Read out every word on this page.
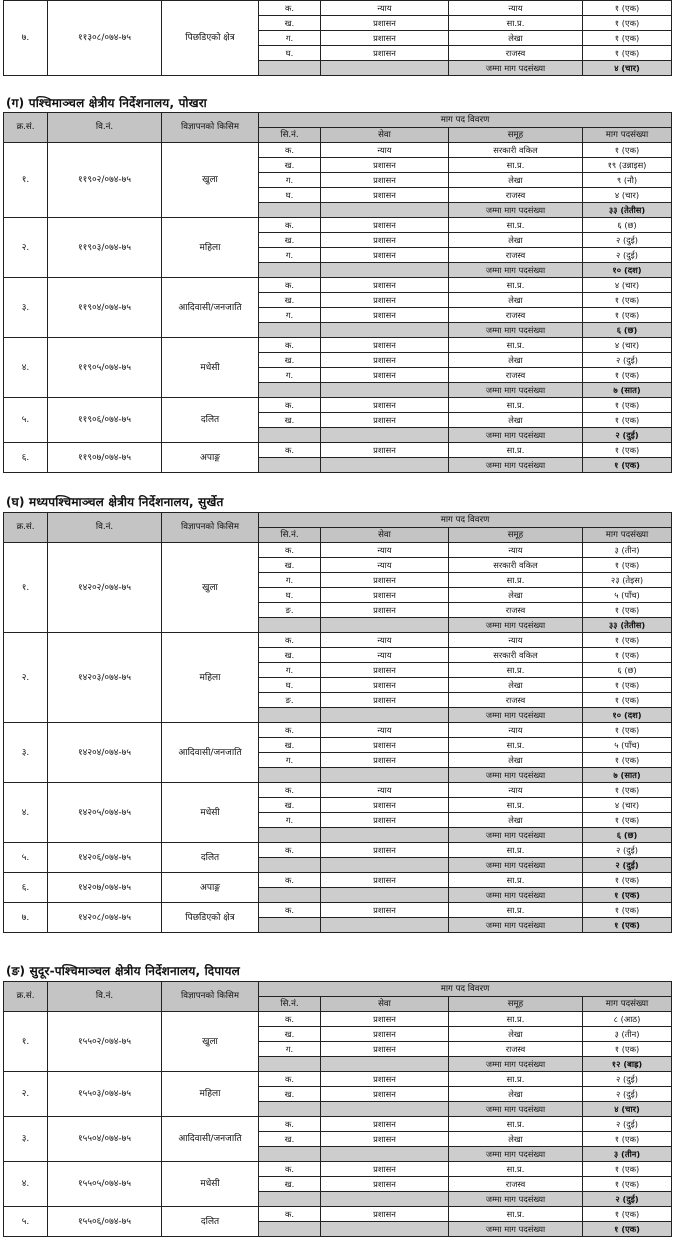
७.	११३०८/०७४-७५	पिछडिएको क्षेत्र	क.	न्याय	न्याय	१ (एक)
			ख.	प्रशासन	सा.प्र.	१ (एक)
			ग.	प्रशासन	लेखा	१ (एक)
			घ.	प्रशासन	राजस्व	१ (एक)
					जम्मा माग पदसंख्या	४ (चार)
(ग) पश्चिमाञ्चल क्षेत्रीय निर्देशनालय, पोखरा
क्र.सं.	वि.नं.	विज्ञापनको किसिम	माग पद विवरण			
			सि.नं.	सेवा	समूह	माग पदसंख्या
१.	११९०२/०७४-७५	खुला	क.	न्याय	सरकारी वकिल	१ (एक)
			ख.	प्रशासन	सा.प्र.	१९ (उन्नाइस)
			ग.	प्रशासन	लेखा	९ (नौ)
			घ.	प्रशासन	राजस्व	४ (चार)
					जम्मा माग पदसंख्या	३३ (तेतीस)
२.	११९०३/०७४-७५	महिला	क.	प्रशासन	सा.प्र.	६ (छ)
			ख.	प्रशासन	लेखा	२ (दुई)
			ग.	प्रशासन	राजस्व	२ (दुई)
					जम्मा माग पदसंख्या	१० (दश)
३.	११९०४/०७४-७५	आदिवासी/जनजाति	क.	प्रशासन	सा.प्र.	४ (चार)
			ख.	प्रशासन	लेखा	१ (एक)
			ग.	प्रशासन	राजस्व	१ (एक)
					जम्मा माग पदसंख्या	६ (छ)
४.	११९०५/०७४-७५	मधेसी	क.	प्रशासन	सा.प्र.	४ (चार)
			ख.	प्रशासन	लेखा	२ (दुई)
			ग.	प्रशासन	राजस्व	१ (एक)
					जम्मा माग पदसंख्या	७ (सात)
५.	११९०६/०७४-७५	दलित	क.	प्रशासन	सा.प्र.	१ (एक)
			ख.	प्रशासन	लेखा	१ (एक)
					जम्मा माग पदसंख्या	२ (दुई)
६.	११९०७/०७४-७५	अपाङ्ग	क.	प्रशासन	सा.प्र.	१ (एक)
					जम्मा माग पदसंख्या	१ (एक)
(घ) मध्यपश्चिमाञ्चल क्षेत्रीय निर्देशनालय, सुर्खेत
क्र.सं.	वि.नं.	विज्ञापनको किसिम	माग पद विवरण			
			सि.नं.	सेवा	समूह	माग पदसंख्या
१.	१४२०२/०७४-७५	खुला	क.	न्याय	न्याय	३ (तीन)
			ख.	न्याय	सरकारी वकिल	१ (एक)
			ग.	प्रशासन	सा.प्र.	२३ (तेइस)
			घ.	प्रशासन	लेखा	५ (पाँच)
			ङ.	प्रशासन	राजस्व	१ (एक)
					जम्मा माग पदसंख्या	३३ (तेतीस)
२.	१४२०३/०७४-७५	महिला	क.	न्याय	न्याय	१ (एक)
			ख.	न्याय	सरकारी वकिल	१ (एक)
			ग.	प्रशासन	सा.प्र.	६ (छ)
			घ.	प्रशासन	लेखा	१ (एक)
			ङ.	प्रशासन	राजस्व	१ (एक)
					जम्मा माग पदसंख्या	१० (दश)
३.	१४२०४/०७४-७५	आदिवासी/जनजाति	क.	न्याय	न्याय	१ (एक)
			ख.	प्रशासन	सा.प्र.	५ (पाँच)
			ग.	प्रशासन	लेखा	१ (एक)
					जम्मा माग पदसंख्या	७ (सात)
४.	१४२०५/०७४-७५	मधेसी	क.	न्याय	न्याय	१ (एक)
			ख.	प्रशासन	सा.प्र.	४ (चार)
			ग.	प्रशासन	लेखा	१ (एक)
					जम्मा माग पदसंख्या	६ (छ)
५.	१४२०६/०७४-७५	दलित	क.	प्रशासन	सा.प्र.	२ (दुई)
					जम्मा माग पदसंख्या	२ (दुई)
६.	१४२०७/०७४-७५	अपाङ्ग	क.	प्रशासन	सा.प्र.	१ (एक)
					जम्मा माग पदसंख्या	१ (एक)
७.	१४२०८/०७४-७५	पिछडिएको क्षेत्र	क.	प्रशासन	सा.प्र.	१ (एक)
					जम्मा माग पदसंख्या	१ (एक)
(ङ) सुदूर-पश्चिमाञ्चल क्षेत्रीय निर्देशनालय, दिपायल
क्र.सं.	वि.नं.	विज्ञापनको किसिम	माग पद विवरण			
			सि.नं.	सेवा	समूह	माग पदसंख्या
१.	१५५०२/०७४-७५	खुला	क.	प्रशासन	सा.प्र.	८ (आठ)
			ख.	प्रशासन	लेखा	३ (तीन)
			ग.	प्रशासन	राजस्व	१ (एक)
					जम्मा माग पदसंख्या	१२ (बाह्र)
२.	१५५०३/०७४-७५	महिला	क.	प्रशासन	सा.प्र.	२ (दुई)
			ख.	प्रशासन	लेखा	२ (दुई)
					जम्मा माग पदसंख्या	४ (चार)
३.	१५५०४/०७४-७५	आदिवासी/जनजाति	क.	प्रशासन	सा.प्र.	२ (दुई)
			ख.	प्रशासन	लेखा	१ (एक)
					जम्मा माग पदसंख्या	३ (तीन)
४.	१५५०५/०७४-७५	मधेसी	क.	प्रशासन	सा.प्र.	१ (एक)
			ख.	प्रशासन	राजस्व	१ (एक)
					जम्मा माग पदसंख्या	२ (दुई)
५.	१५५०६/०७४-७५	दलित	क.	प्रशासन	सा.प्र.	१ (एक)
					जम्मा माग पदसंख्या	१ (एक)
